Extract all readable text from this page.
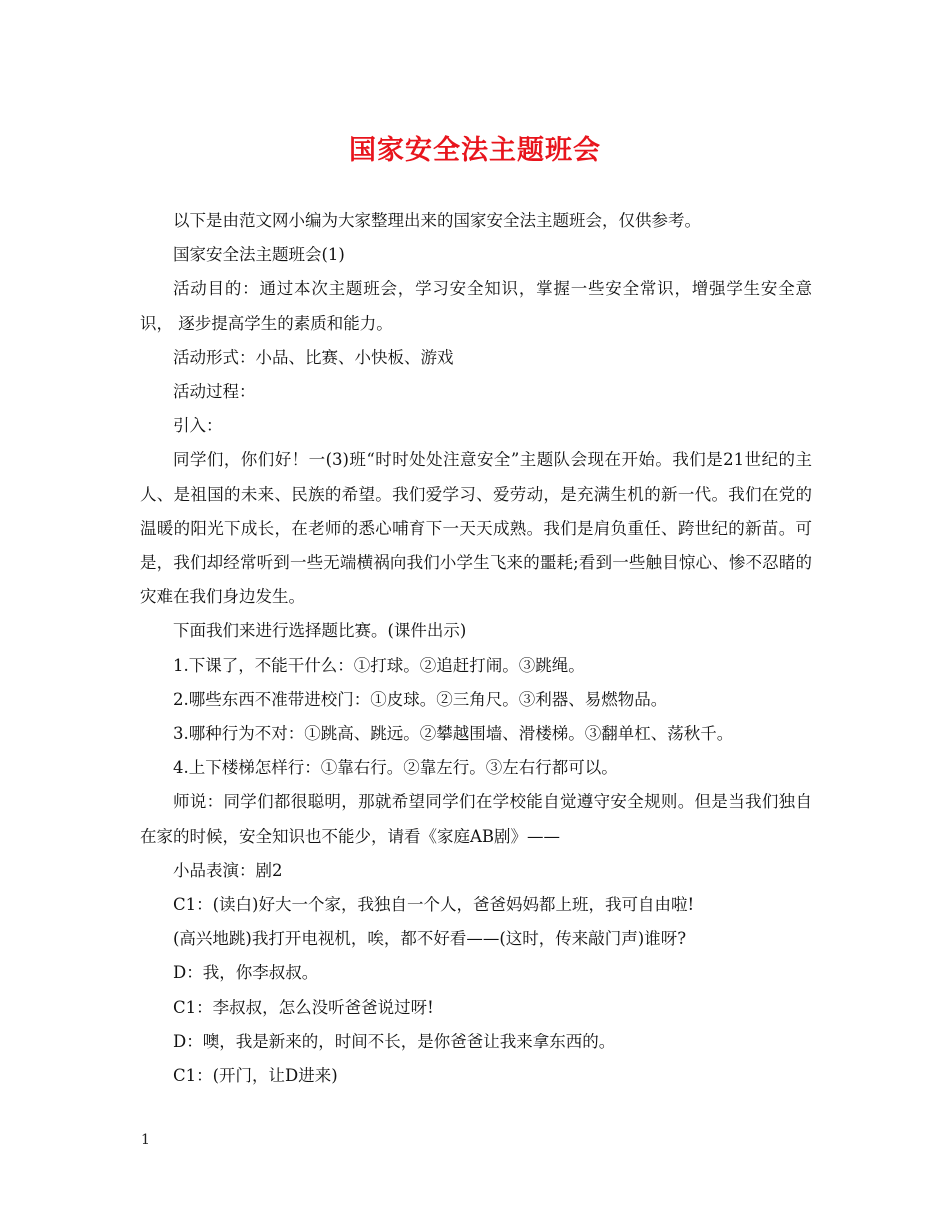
国家安全法主题班会

以下是由范文网小编为大家整理出来的国家安全法主题班会，仅供参考。

国家安全法主题班会(1)

活动目的：通过本次主题班会，学习安全知识，掌握一些安全常识，增强学生安全意识， 逐步提高学生的素质和能力。

活动形式：小品、比赛、小快板、游戏

活动过程：

引入：

同学们，你们好！一(3)班“时时处处注意安全”主题队会现在开始。我们是21世纪的主人、是祖国的未来、民族的希望。我们爱学习、爱劳动，是充满生机的新一代。我们在党的温暖的阳光下成长，在老师的悉心哺育下一天天成熟。我们是肩负重任、跨世纪的新苗。可是，我们却经常听到一些无端横祸向我们小学生飞来的噩耗;看到一些触目惊心、惨不忍睹的灾难在我们身边发生。

下面我们来进行选择题比赛。(课件出示)

1.下课了，不能干什么：①打球。②追赶打闹。③跳绳。

2.哪些东西不准带进校门：①皮球。②三角尺。③利器、易燃物品。

3.哪种行为不对：①跳高、跳远。②攀越围墙、滑楼梯。③翻单杠、荡秋千。

4.上下楼梯怎样行：①靠右行。②靠左行。③左右行都可以。

师说：同学们都很聪明，那就希望同学们在学校能自觉遵守安全规则。但是当我们独自在家的时候，安全知识也不能少，请看《家庭AB剧》——

小品表演：剧2

C1：(读白)好大一个家，我独自一个人，爸爸妈妈都上班，我可自由啦!

(高兴地跳)我打开电视机，唉，都不好看——(这时，传来敲门声)谁呀?

D：我，你李叔叔。

C1：李叔叔，怎么没听爸爸说过呀!

D：噢，我是新来的，时间不长，是你爸爸让我来拿东西的。

C1：(开门，让D进来)

1
